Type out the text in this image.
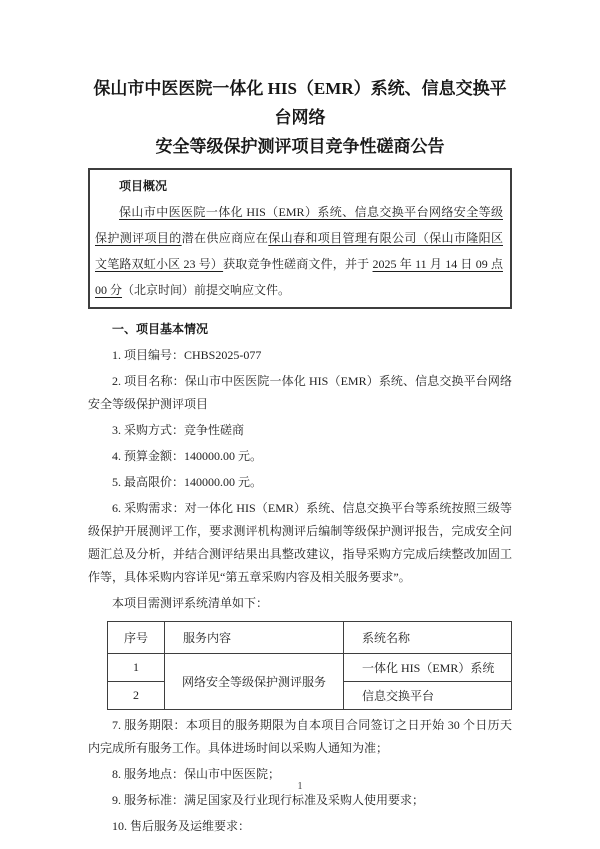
保山市中医医院一体化 HIS（EMR）系统、信息交换平台网络
安全等级保护测评项目竞争性磋商公告

项目概况

保山市中医医院一体化 HIS（EMR）系统、信息交换平台网络安全等级保护测评项目的潜在供应商应在保山春和项目管理有限公司（保山市隆阳区文笔路双虹小区 23 号）获取竞争性磋商文件，并于 2025 年 11 月 14 日 09 点 00 分（北京时间）前提交响应文件。

一、项目基本情况

1. 项目编号：CHBS2025-077

2. 项目名称：保山市中医医院一体化 HIS（EMR）系统、信息交换平台网络安全等级保护测评项目

3. 采购方式：竞争性磋商

4. 预算金额：140000.00 元。

5. 最高限价：140000.00 元。

6. 采购需求：对一体化 HIS（EMR）系统、信息交换平台等系统按照三级等级保护开展测评工作，要求测评机构测评后编制等级保护测评报告，完成安全问题汇总及分析，并结合测评结果出具整改建议，指导采购方完成后续整改加固工作等，具体采购内容详见“第五章采购内容及相关服务要求”。

本项目需测评系统清单如下：

序号	服务内容	系统名称
1	网络安全等级保护测评服务	一体化 HIS（EMR）系统
2		信息交换平台

7. 服务期限：本项目的服务期限为自本项目合同签订之日开始 30 个日历天内完成所有服务工作。具体进场时间以采购人通知为准；

8. 服务地点：保山市中医医院；

9. 服务标准：满足国家及行业现行标准及采购人使用要求；

10. 售后服务及运维要求：

1
